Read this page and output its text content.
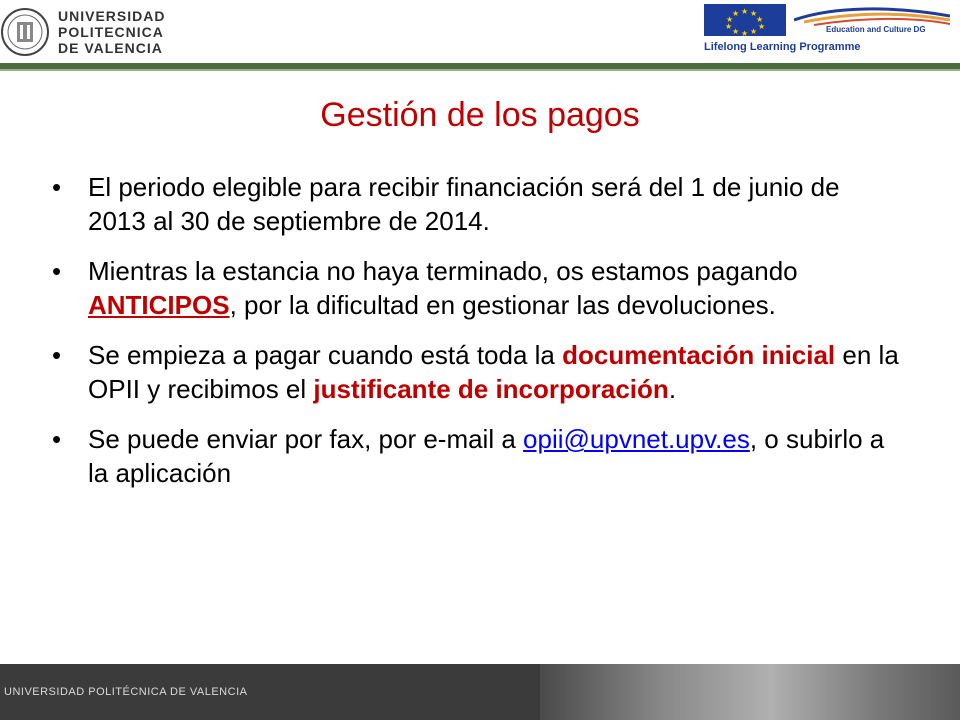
UNIVERSIDAD
POLITECNICA
DE VALENCIA
★ ★
★
★
★
★
★
★
★
★
Education and Culture DG
Lifelong Learning Programme
Gestión de los pagos
• El periodo elegible para recibir financiación será del 1 de junio de 2013 al 30 de septiembre de 2014.
• Mientras la estancia no haya terminado, os estamos pagando ANTICIPOS, por la dificultad en gestionar las devoluciones.
• Se empieza a pagar cuando está toda la documentación inicial en la OPII y recibimos el justificante de incorporación.
• Se puede enviar por fax, por e-mail a opii@upvnet.upv.es, o subirlo a la aplicación
UNIVERSIDAD POLITÉCNICA DE VALENCIA
